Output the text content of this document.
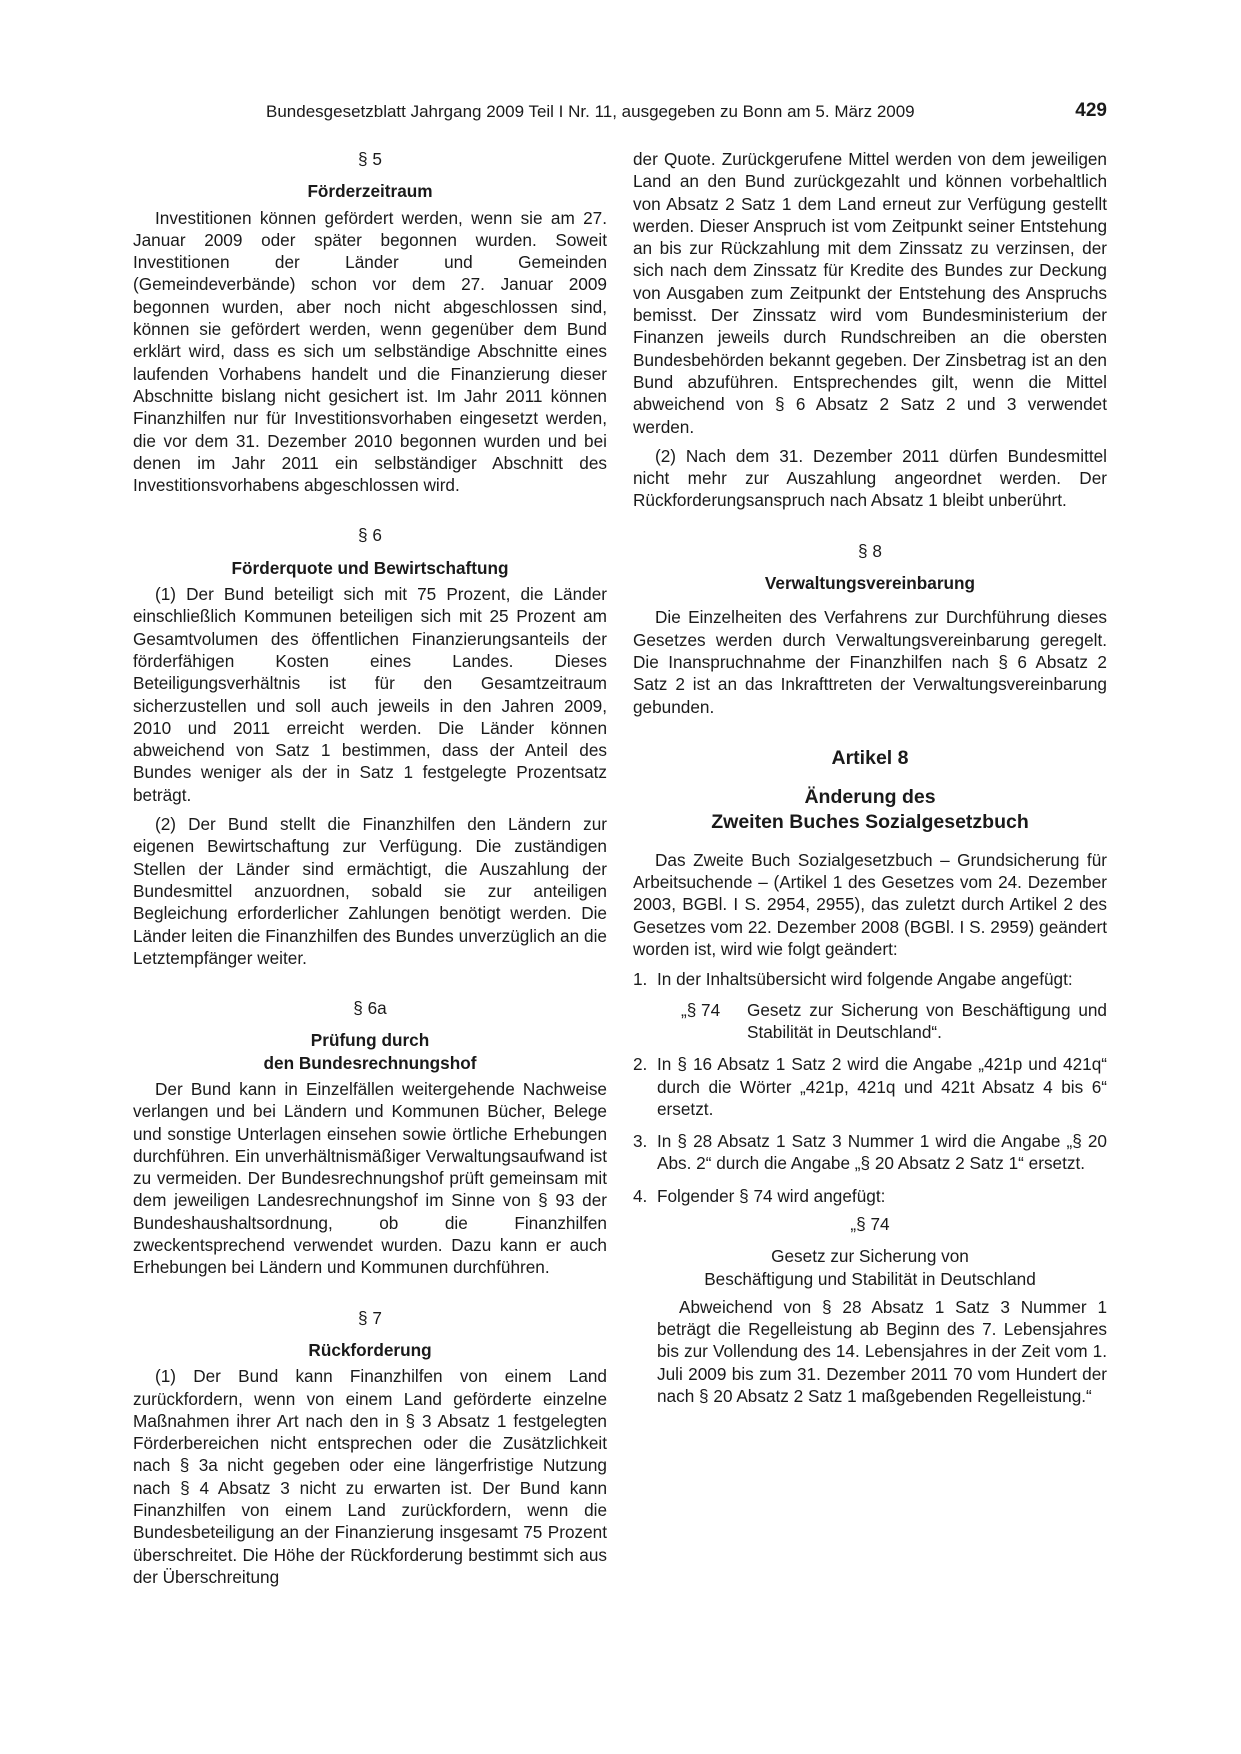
Bundesgesetzblatt Jahrgang 2009 Teil I Nr. 11, ausgegeben zu Bonn am 5. März 2009	429
§ 5
Förderzeitraum

Investitionen können gefördert werden, wenn sie am 27. Januar 2009 oder später begonnen wurden. Soweit Investitionen der Länder und Gemeinden (Gemeindeverbände) schon vor dem 27. Januar 2009 begonnen wurden, aber noch nicht abgeschlossen sind, können sie gefördert werden, wenn gegenüber dem Bund erklärt wird, dass es sich um selbständige Abschnitte eines laufenden Vorhabens handelt und die Finanzierung dieser Abschnitte bislang nicht gesichert ist. Im Jahr 2011 können Finanzhilfen nur für Investitionsvorhaben eingesetzt werden, die vor dem 31. Dezember 2010 begonnen wurden und bei denen im Jahr 2011 ein selbständiger Abschnitt des Investitionsvorhabens abgeschlossen wird.

§ 6
Förderquote und Bewirtschaftung

(1) Der Bund beteiligt sich mit 75 Prozent, die Länder einschließlich Kommunen beteiligen sich mit 25 Prozent am Gesamtvolumen des öffentlichen Finanzierungsanteils der förderfähigen Kosten eines Landes. Dieses Beteiligungsverhältnis ist für den Gesamtzeitraum sicherzustellen und soll auch jeweils in den Jahren 2009, 2010 und 2011 erreicht werden. Die Länder können abweichend von Satz 1 bestimmen, dass der Anteil des Bundes weniger als der in Satz 1 festgelegte Prozentsatz beträgt.

(2) Der Bund stellt die Finanzhilfen den Ländern zur eigenen Bewirtschaftung zur Verfügung. Die zuständigen Stellen der Länder sind ermächtigt, die Auszahlung der Bundesmittel anzuordnen, sobald sie zur anteiligen Begleichung erforderlicher Zahlungen benötigt werden. Die Länder leiten die Finanzhilfen des Bundes unverzüglich an die Letztempfänger weiter.

§ 6a
Prüfung durch
den Bundesrechnungshof

Der Bund kann in Einzelfällen weitergehende Nachweise verlangen und bei Ländern und Kommunen Bücher, Belege und sonstige Unterlagen einsehen sowie örtliche Erhebungen durchführen. Ein unverhältnismäßiger Verwaltungsaufwand ist zu vermeiden. Der Bundesrechnungshof prüft gemeinsam mit dem jeweiligen Landesrechnungshof im Sinne von § 93 der Bundeshaushaltsordnung, ob die Finanzhilfen zweckentsprechend verwendet wurden. Dazu kann er auch Erhebungen bei Ländern und Kommunen durchführen.

§ 7
Rückforderung

(1) Der Bund kann Finanzhilfen von einem Land zurückfordern, wenn von einem Land geförderte einzelne Maßnahmen ihrer Art nach den in § 3 Absatz 1 festgelegten Förderbereichen nicht entsprechen oder die Zusätzlichkeit nach § 3a nicht gegeben oder eine längerfristige Nutzung nach § 4 Absatz 3 nicht zu erwarten ist. Der Bund kann Finanzhilfen von einem Land zurückfordern, wenn die Bundesbeteiligung an der Finanzierung insgesamt 75 Prozent überschreitet. Die Höhe der Rückforderung bestimmt sich aus der Überschreitung

der Quote. Zurückgerufene Mittel werden von dem jeweiligen Land an den Bund zurückgezahlt und können vorbehaltlich von Absatz 2 Satz 1 dem Land erneut zur Verfügung gestellt werden. Dieser Anspruch ist vom Zeitpunkt seiner Entstehung an bis zur Rückzahlung mit dem Zinssatz zu verzinsen, der sich nach dem Zinssatz für Kredite des Bundes zur Deckung von Ausgaben zum Zeitpunkt der Entstehung des Anspruchs bemisst. Der Zinssatz wird vom Bundesministerium der Finanzen jeweils durch Rundschreiben an die obersten Bundesbehörden bekannt gegeben. Der Zinsbetrag ist an den Bund abzuführen. Entsprechendes gilt, wenn die Mittel abweichend von § 6 Absatz 2 Satz 2 und 3 verwendet werden.

(2) Nach dem 31. Dezember 2011 dürfen Bundesmittel nicht mehr zur Auszahlung angeordnet werden. Der Rückforderungsanspruch nach Absatz 1 bleibt unberührt.

§ 8
Verwaltungsvereinbarung

Die Einzelheiten des Verfahrens zur Durchführung dieses Gesetzes werden durch Verwaltungsvereinbarung geregelt. Die Inanspruchnahme der Finanzhilfen nach § 6 Absatz 2 Satz 2 ist an das Inkrafttreten der Verwaltungsvereinbarung gebunden.

Artikel 8
Änderung des
Zweiten Buches Sozialgesetzbuch

Das Zweite Buch Sozialgesetzbuch – Grundsicherung für Arbeitsuchende – (Artikel 1 des Gesetzes vom 24. Dezember 2003, BGBl. I S. 2954, 2955), das zuletzt durch Artikel 2 des Gesetzes vom 22. Dezember 2008 (BGBl. I S. 2959) geändert worden ist, wird wie folgt geändert:

1. In der Inhaltsübersicht wird folgende Angabe angefügt:
„§ 74 Gesetz zur Sicherung von Beschäftigung und Stabilität in Deutschland“.
2. In § 16 Absatz 1 Satz 2 wird die Angabe „421p und 421q“ durch die Wörter „421p, 421q und 421t Absatz 4 bis 6“ ersetzt.
3. In § 28 Absatz 1 Satz 3 Nummer 1 wird die Angabe „§ 20 Abs. 2“ durch die Angabe „§ 20 Absatz 2 Satz 1“ ersetzt.
4. Folgender § 74 wird angefügt:
„§ 74
Gesetz zur Sicherung von
Beschäftigung und Stabilität in Deutschland

Abweichend von § 28 Absatz 1 Satz 3 Nummer 1 beträgt die Regelleistung ab Beginn des 7. Lebensjahres bis zur Vollendung des 14. Lebensjahres in der Zeit vom 1. Juli 2009 bis zum 31. Dezember 2011 70 vom Hundert der nach § 20 Absatz 2 Satz 1 maßgebenden Regelleistung.“
